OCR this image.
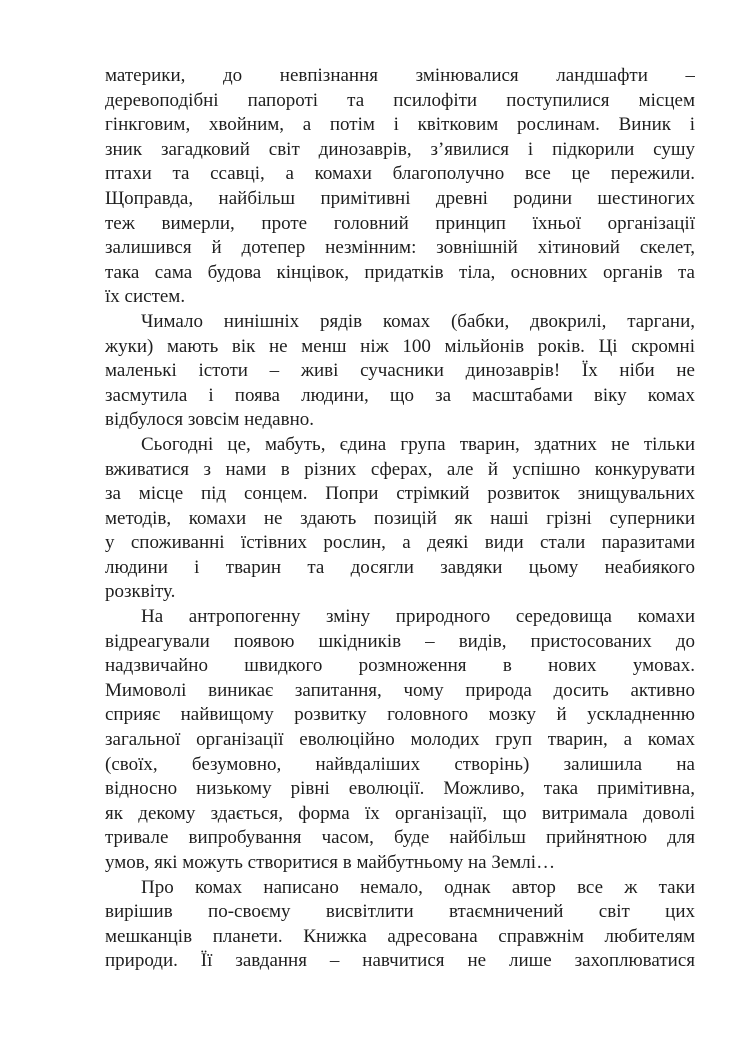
материки, до невпізнання змінювалися ландшафти –
деревоподібні папороті та псилофіти поступилися місцем
гінкговим, хвойним, а потім і квітковим рослинам. Виник і
зник загадковий світ динозаврів, з’явилися і підкорили сушу
птахи та ссавці, а комахи благополучно все це пережили.
Щоправда, найбільш примітивні древні родини шестиногих
теж вимерли, проте головний принцип їхньої організації
залишився й дотепер незмінним: зовнішній хітиновий скелет,
така сама будова кінцівок, придатків тіла, основних органів та
їх систем.
Чимало нинішніх рядів комах (бабки, двокрилі, таргани,
жуки) мають вік не менш ніж 100 мільйонів років. Ці скромні
маленькі істоти – живі сучасники динозаврів! Їх ніби не
засмутила і поява людини, що за масштабами віку комах
відбулося зовсім недавно.
Сьогодні це, мабуть, єдина група тварин, здатних не тільки
вживатися з нами в різних сферах, але й успішно конкурувати
за місце під сонцем. Попри стрімкий розвиток знищувальних
методів, комахи не здають позицій як наші грізні суперники
у споживанні їстівних рослин, а деякі види стали паразитами
людини і тварин та досягли завдяки цьому неабиякого
розквіту.
На антропогенну зміну природного середовища комахи
відреагували появою шкідників – видів, пристосованих до
надзвичайно швидкого розмноження в нових умовах.
Мимоволі виникає запитання, чому природа досить активно
сприяє найвищому розвитку головного мозку й ускладненню
загальної організації еволюційно молодих груп тварин, а комах
(своїх, безумовно, найвдаліших створінь) залишила на
відносно низькому рівні еволюції. Можливо, така примітивна,
як декому здається, форма їх організації, що витримала доволі
тривале випробування часом, буде найбільш прийнятною для
умов, які можуть створитися в майбутньому на Землі…
Про комах написано немало, однак автор все ж таки
вирішив по-своєму висвітлити втаємничений світ цих
мешканців планети. Книжка адресована справжнім любителям
природи. Її завдання – навчитися не лише захоплюватися
